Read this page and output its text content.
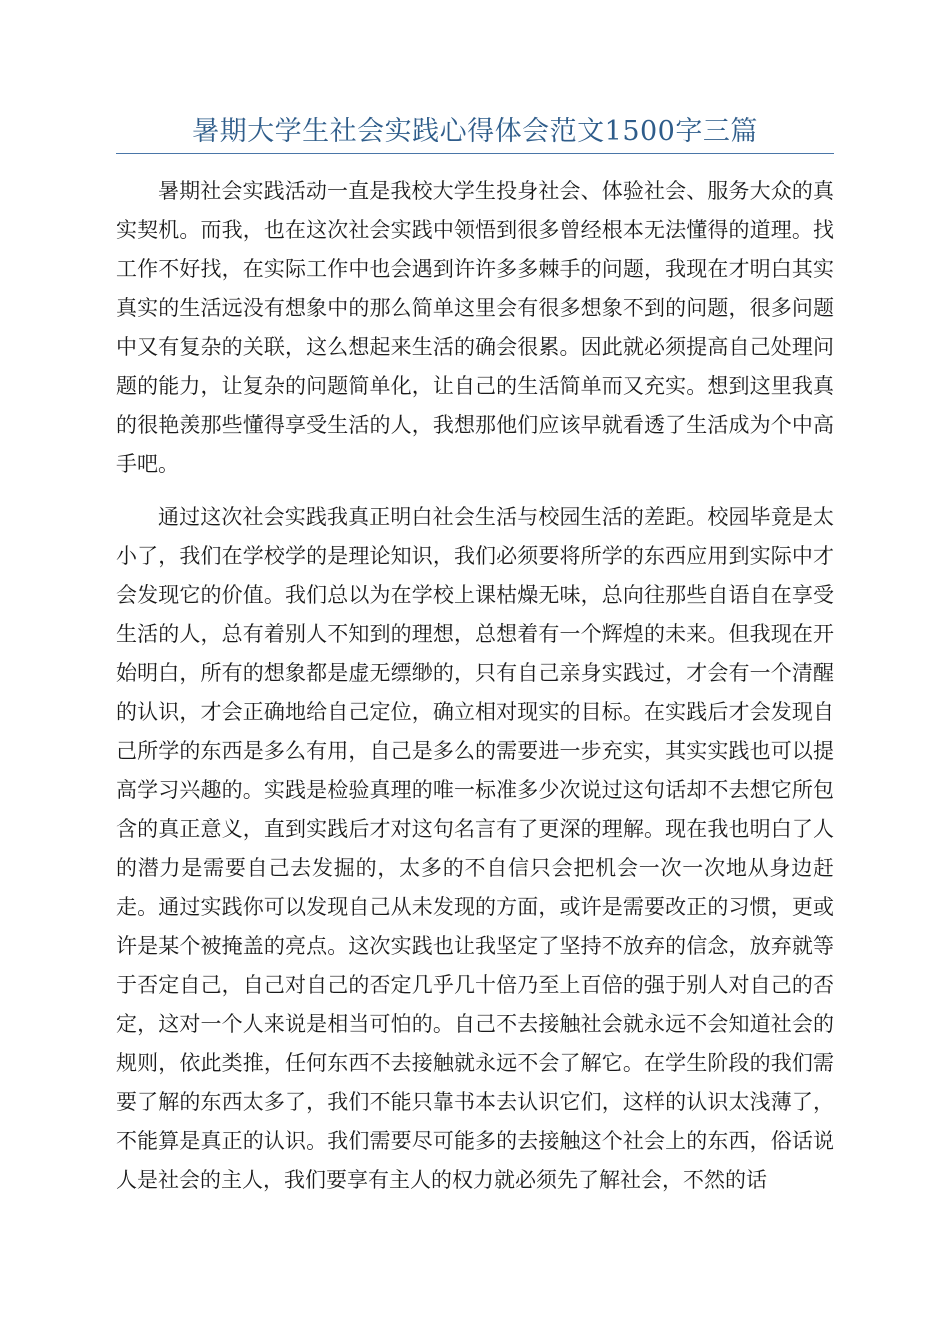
暑期大学生社会实践心得体会范文1500字三篇

暑期社会实践活动一直是我校大学生投身社会、体验社会、服务大众的真实契机。而我，也在这次社会实践中领悟到很多曾经根本无法懂得的道理。找工作不好找，在实际工作中也会遇到许许多多棘手的问题，我现在才明白其实真实的生活远没有想象中的那么简单这里会有很多想象不到的问题，很多问题中又有复杂的关联，这么想起来生活的确会很累。因此就必须提高自己处理问题的能力，让复杂的问题简单化，让自己的生活简单而又充实。想到这里我真的很艳羡那些懂得享受生活的人，我想那他们应该早就看透了生活成为个中高手吧。

通过这次社会实践我真正明白社会生活与校园生活的差距。校园毕竟是太小了，我们在学校学的是理论知识，我们必须要将所学的东西应用到实际中才会发现它的价值。我们总以为在学校上课枯燥无味，总向往那些自语自在享受生活的人，总有着别人不知到的理想，总想着有一个辉煌的未来。但我现在开始明白，所有的想象都是虚无缥缈的，只有自己亲身实践过，才会有一个清醒的认识，才会正确地给自己定位，确立相对现实的目标。在实践后才会发现自己所学的东西是多么有用，自己是多么的需要进一步充实，其实实践也可以提高学习兴趣的。实践是检验真理的唯一标准多少次说过这句话却不去想它所包含的真正意义，直到实践后才对这句名言有了更深的理解。现在我也明白了人的潜力是需要自己去发掘的，太多的不自信只会把机会一次一次地从身边赶走。通过实践你可以发现自己从未发现的方面，或许是需要改正的习惯，更或许是某个被掩盖的亮点。这次实践也让我坚定了坚持不放弃的信念，放弃就等于否定自己，自己对自己的否定几乎几十倍乃至上百倍的强于别人对自己的否定，这对一个人来说是相当可怕的。自己不去接触社会就永远不会知道社会的规则，依此类推，任何东西不去接触就永远不会了解它。在学生阶段的我们需要了解的东西太多了，我们不能只靠书本去认识它们，这样的认识太浅薄了，不能算是真正的认识。我们需要尽可能多的去接触这个社会上的东西，俗话说人是社会的主人，我们要享有主人的权力就必须先了解社会，不然的话
